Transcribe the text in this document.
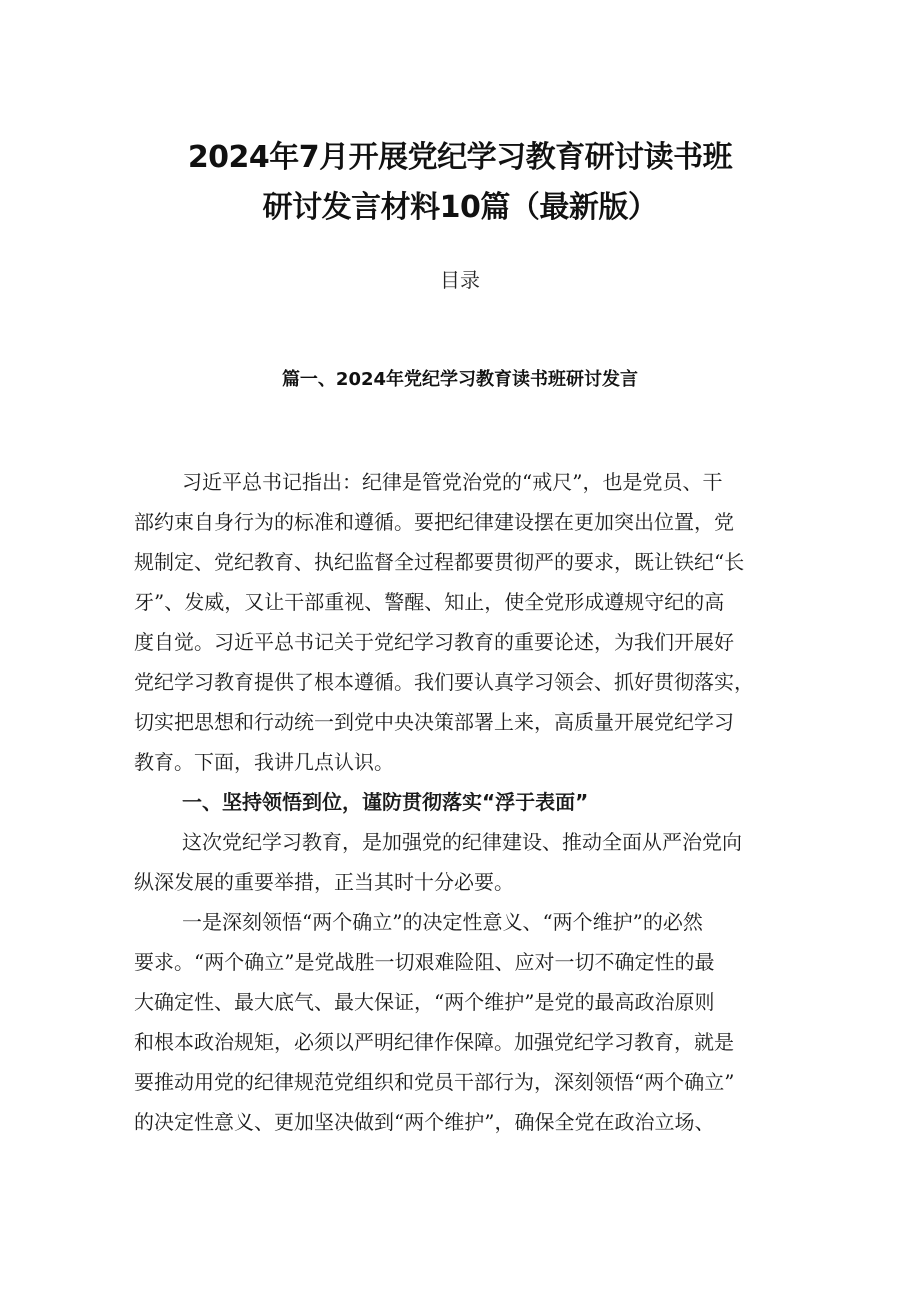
2024年7月开展党纪学习教育研讨读书班
研讨发言材料10篇（最新版）
目录
篇一、2024年党纪学习教育读书班研讨发言
习近平总书记指出：纪律是管党治党的“戒尺”，也是党员、干
部约束自身行为的标准和遵循。要把纪律建设摆在更加突出位置，党
规制定、党纪教育、执纪监督全过程都要贯彻严的要求，既让铁纪“长
牙”、发威，又让干部重视、警醒、知止，使全党形成遵规守纪的高
度自觉。习近平总书记关于党纪学习教育的重要论述，为我们开展好
党纪学习教育提供了根本遵循。我们要认真学习领会、抓好贯彻落实，
切实把思想和行动统一到党中央决策部署上来，高质量开展党纪学习
教育。下面，我讲几点认识。
一、坚持领悟到位，谨防贯彻落实“浮于表面”
这次党纪学习教育，是加强党的纪律建设、推动全面从严治党向
纵深发展的重要举措，正当其时十分必要。
一是深刻领悟“两个确立”的决定性意义、“两个维护”的必然
要求。“两个确立”是党战胜一切艰难险阻、应对一切不确定性的最
大确定性、最大底气、最大保证，“两个维护”是党的最高政治原则
和根本政治规矩，必须以严明纪律作保障。加强党纪学习教育，就是
要推动用党的纪律规范党组织和党员干部行为，深刻领悟“两个确立”
的决定性意义、更加坚决做到“两个维护”，确保全党在政治立场、
